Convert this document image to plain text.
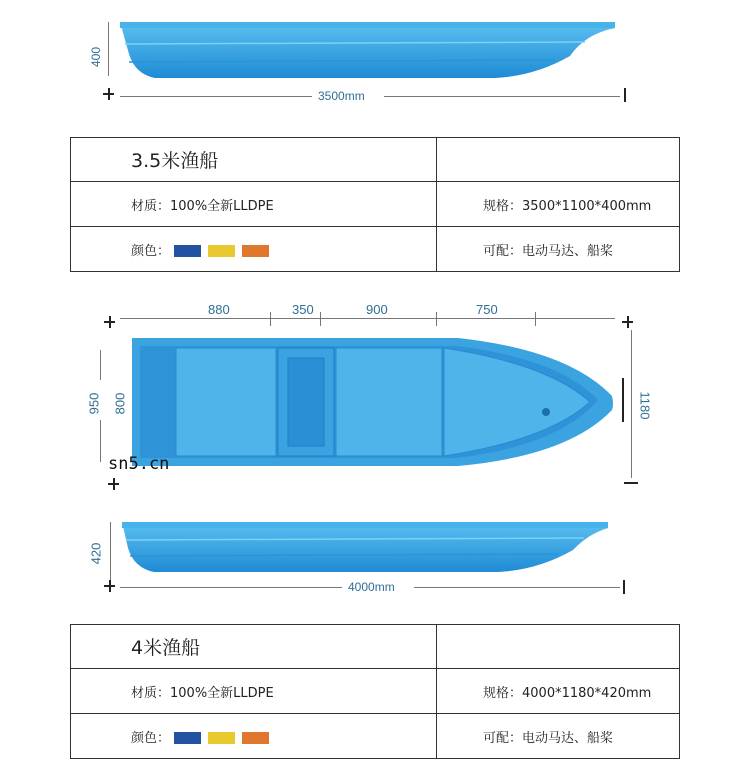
400
3500mm
3.5米渔船	
材质：100%全新LLDPE	规格：3500*1100*400mm
颜色：	可配：电动马达、船桨
880	350	900	750
950 800
sn5.cn
1180
420
4000mm
4米渔船	
材质：100%全新LLDPE	规格：4000*1180*420mm
颜色：	可配：电动马达、船桨
